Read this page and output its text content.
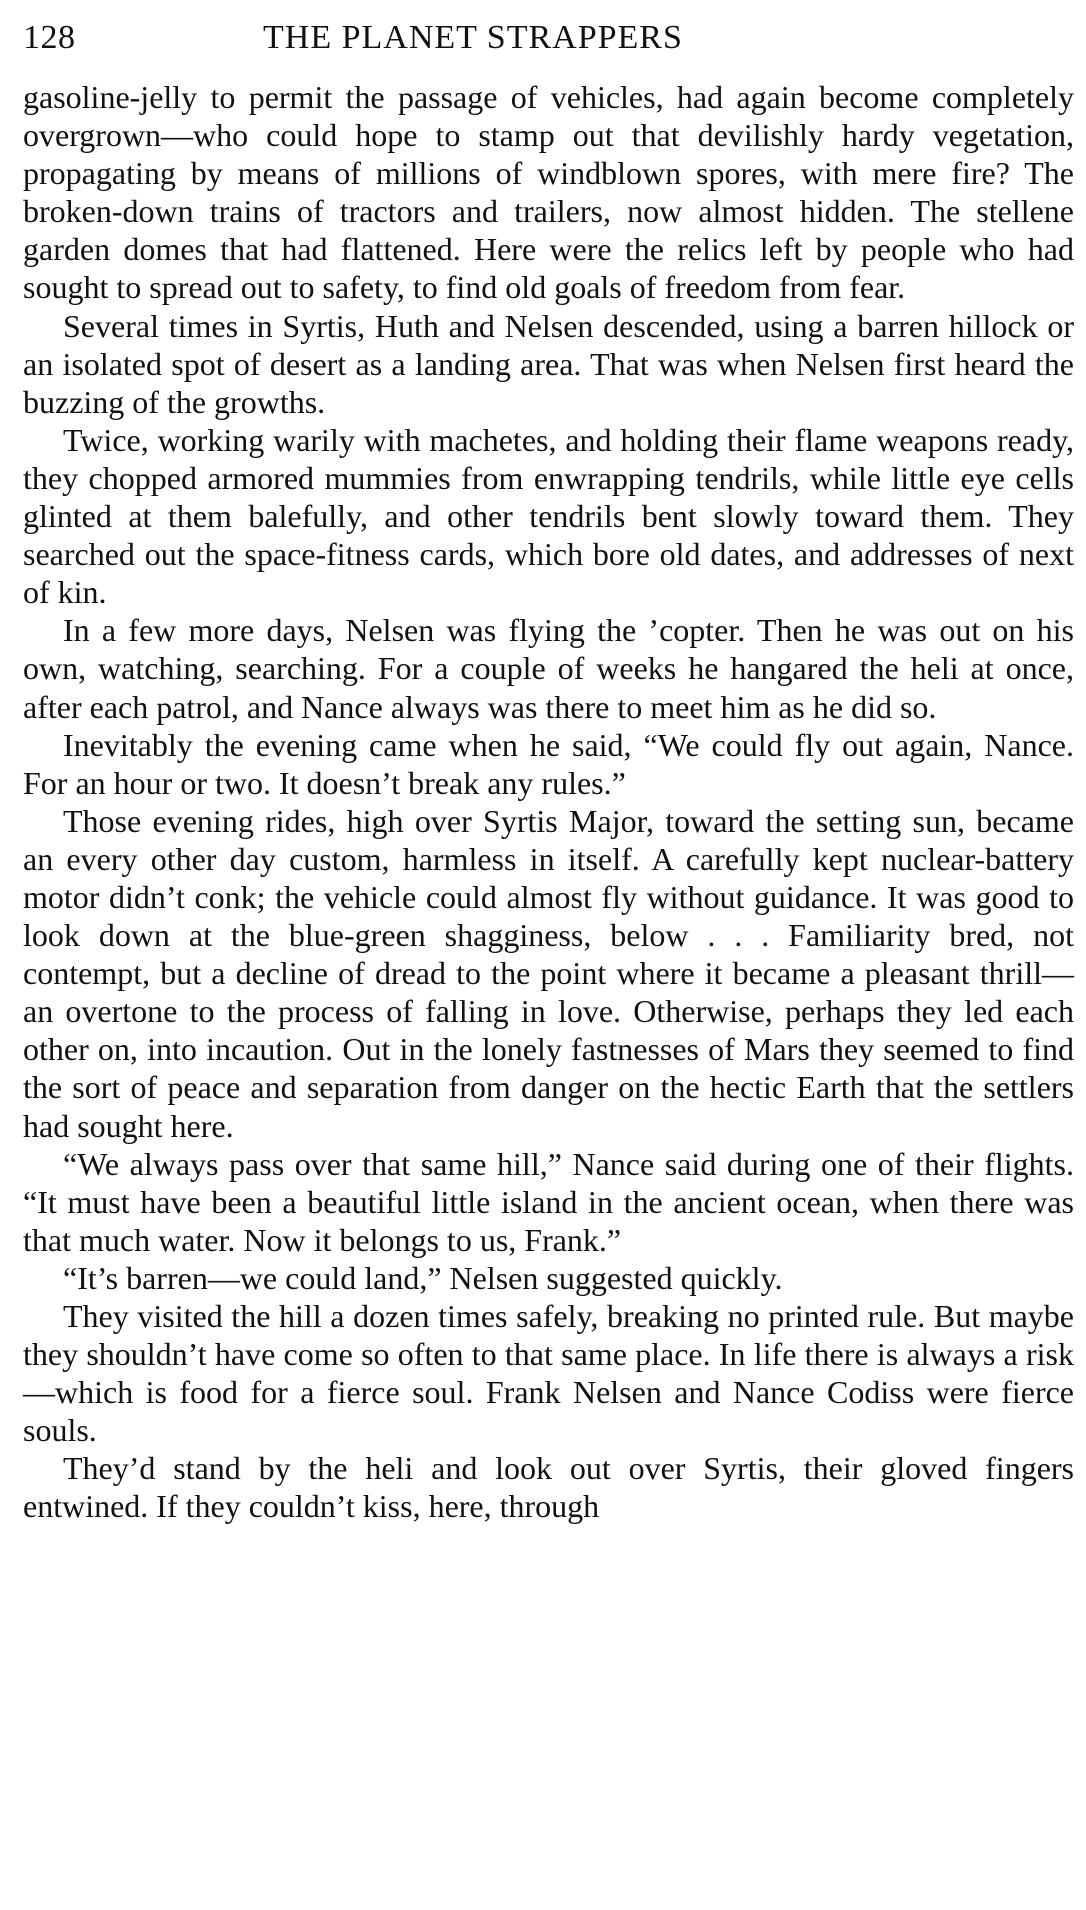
128	THE PLANET STRAPPERS

gasoline-jelly to permit the passage of vehicles, had again become completely overgrown—who could hope to stamp out that devilishly hardy vegetation, propagating by means of millions of windblown spores, with mere fire? The broken-down trains of tractors and trailers, now almost hidden. The stellene garden domes that had flattened. Here were the relics left by people who had sought to spread out to safety, to find old goals of freedom from fear.

Several times in Syrtis, Huth and Nelsen descended, using a barren hillock or an isolated spot of desert as a landing area. That was when Nelsen first heard the buzzing of the growths.

Twice, working warily with machetes, and holding their flame weapons ready, they chopped armored mummies from enwrapping tendrils, while little eye cells glinted at them balefully, and other tendrils bent slowly toward them. They searched out the space-fitness cards, which bore old dates, and addresses of next of kin.

In a few more days, Nelsen was flying the ’copter. Then he was out on his own, watching, searching. For a couple of weeks he hangared the heli at once, after each patrol, and Nance always was there to meet him as he did so.

Inevitably the evening came when he said, “We could fly out again, Nance. For an hour or two. It doesn’t break any rules.”

Those evening rides, high over Syrtis Major, toward the setting sun, became an every other day custom, harmless in itself. A carefully kept nuclear-battery motor didn’t conk; the vehicle could almost fly without guidance. It was good to look down at the blue-green shagginess, below . . . Familiarity bred, not contempt, but a decline of dread to the point where it became a pleasant thrill—an overtone to the process of falling in love. Otherwise, perhaps they led each other on, into incaution. Out in the lonely fastnesses of Mars they seemed to find the sort of peace and separation from danger on the hectic Earth that the settlers had sought here.

“We always pass over that same hill,” Nance said during one of their flights. “It must have been a beautiful little island in the ancient ocean, when there was that much water. Now it belongs to us, Frank.”

“It’s barren—we could land,” Nelsen suggested quickly.

They visited the hill a dozen times safely, breaking no printed rule. But maybe they shouldn’t have come so often to that same place. In life there is always a risk—which is food for a fierce soul. Frank Nelsen and Nance Codiss were fierce souls.

They’d stand by the heli and look out over Syrtis, their gloved fingers entwined. If they couldn’t kiss, here, through
